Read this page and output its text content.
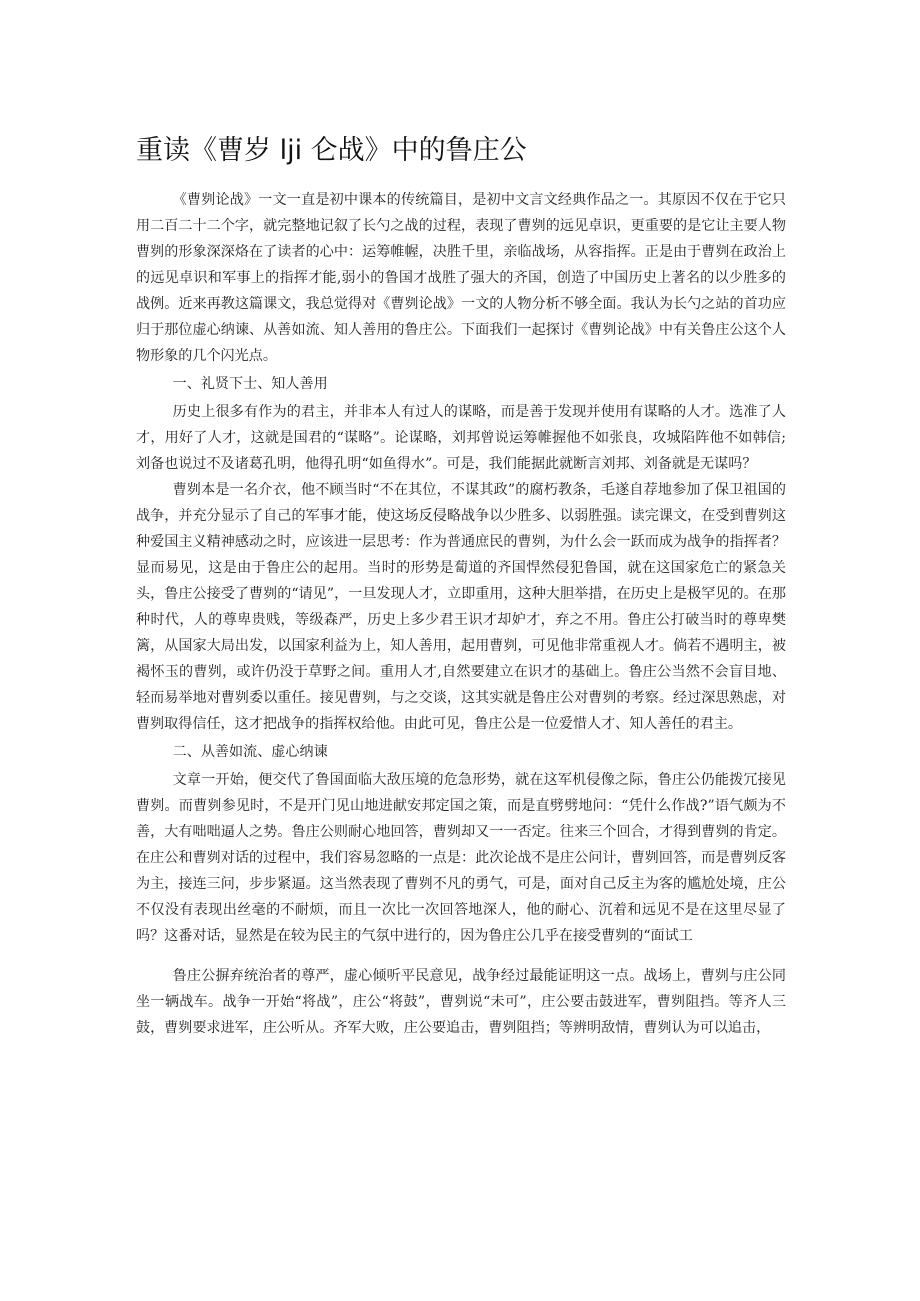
重读《曹岁 lji 仑战》中的鲁庄公

《曹刿论战》一文一直是初中课本的传统篇目，是初中文言文经典作品之一。其原因不仅在于它只用二百二十二个字，就完整地记叙了长勺之战的过程，表现了曹刿的远见卓识，更重要的是它让主要人物曹刿的形象深深烙在了读者的心中：运筹帷幄，决胜千里，亲临战场，从容指挥。正是由于曹刿在政治上的远见卓识和军事上的指挥才能,弱小的鲁国才战胜了强大的齐国，创造了中国历史上著名的以少胜多的战例。近来再教这篇课文，我总觉得对《曹刿论战》一文的人物分析不够全面。我认为长勺之站的首功应归于那位虚心纳谏、从善如流、知人善用的鲁庄公。下面我们一起探讨《曹刿论战》中有关鲁庄公这个人物形象的几个闪光点。

一、礼贤下士、知人善用

历史上很多有作为的君主，并非本人有过人的谋略，而是善于发现并使用有谋略的人才。选准了人才，用好了人才，这就是国君的“谋略”。论谋略，刘邦曾说运筹帷握他不如张良，攻城陷阵他不如韩信;刘备也说过不及诸葛孔明，他得孔明“如鱼得水”。可是，我们能据此就断言刘邦、刘备就是无谋吗？

曹刿本是一名介衣，他不顾当时“不在其位，不谋其政”的腐朽教条，毛遂自荐地参加了保卫祖国的战争，并充分显示了自己的军事才能，使这场反侵略战争以少胜多、以弱胜强。读完课文，在受到曹刿这种爱国主义精神感动之时，应该进一层思考：作为普通庶民的曹刿，为什么会一跃而成为战争的指挥者？显而易见，这是由于鲁庄公的起用。当时的形势是蔔道的齐国悍然侵犯鲁国，就在这国家危亡的紧急关头，鲁庄公接受了曹刿的“请见”，一旦发现人才，立即重用，这种大胆举措，在历史上是极罕见的。在那种时代，人的尊卑贵贱，等级森严，历史上多少君王识才却妒才，弃之不用。鲁庄公打破当时的尊卑樊篱，从国家大局出发，以国家利益为上，知人善用，起用曹刿，可见他非常重视人才。倘若不遇明主，被褐怀玉的曹刿，或许仍没于草野之间。重用人才,自然要建立在识才的基础上。鲁庄公当然不会盲目地、轻而易举地对曹刿委以重任。接见曹刿，与之交谈，这其实就是鲁庄公对曹刿的考察。经过深思熟虑，对曹刿取得信任，这才把战争的指挥权给他。由此可见，鲁庄公是一位爱惜人才、知人善任的君主。

二、从善如流、虚心纳谏

文章一开始，便交代了鲁国面临大敌压境的危急形势，就在这军机侵像之际，鲁庄公仍能拨冗接见曹刿。而曹刿参见时，不是开门见山地进献安邦定国之策，而是直劈劈地问：“凭什么作战?”语气颇为不善，大有咄咄逼人之势。鲁庄公则耐心地回答，曹刿却又一一否定。往来三个回合，才得到曹刿的肯定。在庄公和曹刿对话的过程中，我们容易忽略的一点是：此次论战不是庄公问计，曹刿回答，而是曹刿反客为主，接连三问，步步紧逼。这当然表现了曹刿不凡的勇气，可是，面对自己反主为客的尴尬处境，庄公不仅没有表现出丝毫的不耐烦，而且一次比一次回答地深人，他的耐心、沉着和远见不是在这里尽显了吗？这番对话，显然是在较为民主的气氛中进行的，因为鲁庄公几乎在接受曹刿的“面试工

鲁庄公摒弃统治者的尊严，虚心倾听平民意见，战争经过最能证明这一点。战场上，曹刿与庄公同坐一辆战车。战争一开始“将战”，庄公“将鼓”，曹刿说“未可”，庄公要击鼓进军，曹刿阻挡。等齐人三鼓，曹刿要求进军，庄公听从。齐军大败，庄公要追击，曹刿阻挡；等辨明敌情，曹刿认为可以追击，
